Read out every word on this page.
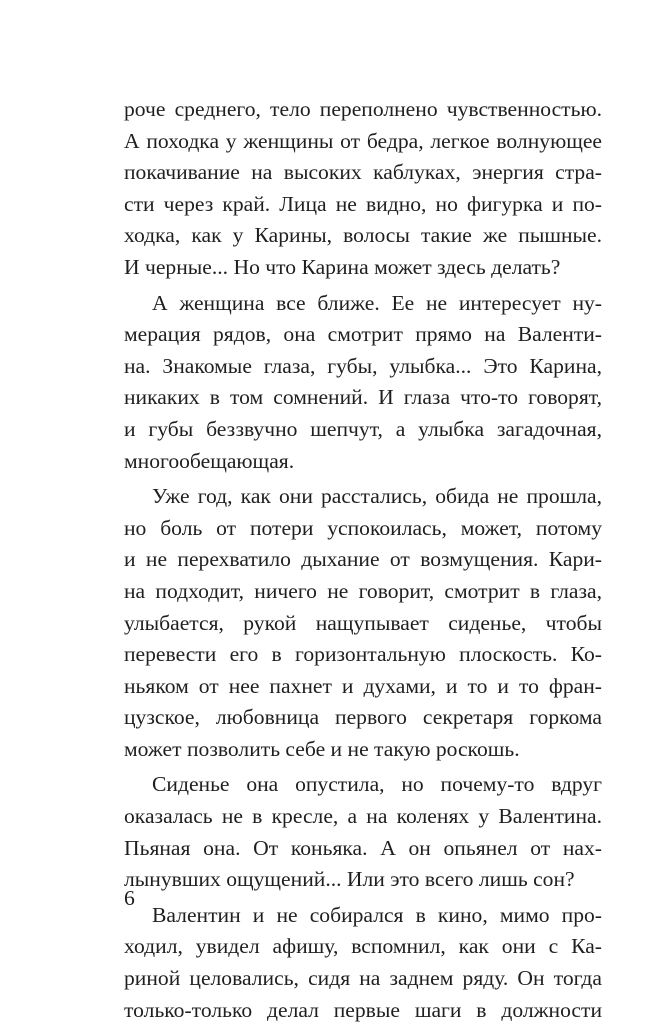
роче среднего, тело переполнено чувственностью.
А походка у женщины от бедра, легкое волнующее
покачивание на высоких каблуках, энергия стра-
сти через край. Лица не видно, но фигурка и по-
ходка, как у Карины, волосы такие же пышные.
И черные... Но что Карина может здесь делать?
А женщина все ближе. Ее не интересует ну-
мерация рядов, она смотрит прямо на Валенти-
на. Знакомые глаза, губы, улыбка... Это Карина,
никаких в том сомнений. И глаза что-то говорят,
и губы беззвучно шепчут, а улыбка загадочная,
многообещающая.
Уже год, как они расстались, обида не прошла,
но боль от потери успокоилась, может, потому
и не перехватило дыхание от возмущения. Кари-
на подходит, ничего не говорит, смотрит в глаза,
улыбается, рукой нащупывает сиденье, чтобы
перевести его в горизонтальную плоскость. Ко-
ньяком от нее пахнет и духами, и то и то фран-
цузское, любовница первого секретаря горкома
может позволить себе и не такую роскошь.
Сиденье она опустила, но почему-то вдруг
оказалась не в кресле, а на коленях у Валентина.
Пьяная она. От коньяка. А он опьянел от нах-
лынувших ощущений... Или это всего лишь сон?
Валентин и не собирался в кино, мимо про-
ходил, увидел афишу, вспомнил, как они с Ка-
риной целовались, сидя на заднем ряду. Он тогда
только-только делал первые шаги в должности
6
